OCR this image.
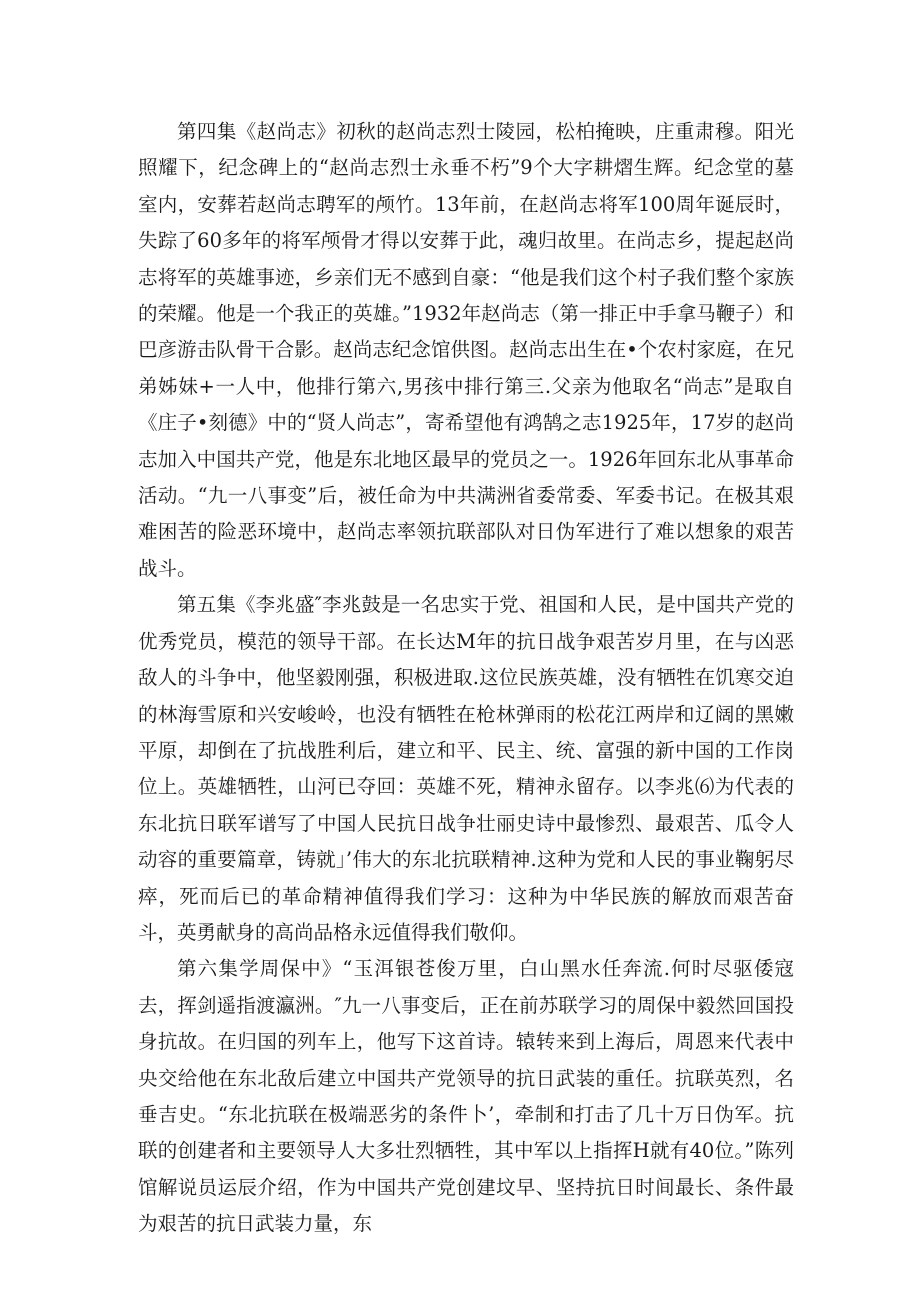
第四集《赵尚志》初秋的赵尚志烈士陵园，松柏掩映，庄重肃穆。阳光照耀下，纪念碑上的“赵尚志烈士永垂不朽”9个大字耕熠生辉。纪念堂的墓室内，安葬若赵尚志聘军的颅竹。13年前，在赵尚志将军100周年诞辰时，失踪了60多年的将军颅骨才得以安葬于此，魂归故里。在尚志乡，提起赵尚志将军的英雄事迹，乡亲们无不感到自豪：“他是我们这个村子我们整个家族的荣耀。他是一个我正的英雄。”1932年赵尚志（第一排正中手拿马鞭子）和巴彦游击队骨干合影。赵尚志纪念馆供图。赵尚志出生在•个农村家庭，在兄弟姊妹+一人中，他排行第六,男孩中排行第三.父亲为他取名“尚志”是取自《庄子•刻德》中的“贤人尚志”，寄希望他有鸿鹄之志1925年，17岁的赵尚志加入中国共产党，他是东北地区最早的党员之一。1926年回东北从事革命活动。“九一八事变”后，被任命为中共满洲省委常委、军委书记。在极其艰难困苦的险恶环境中，赵尚志率领抗联部队对日伪军进行了难以想象的艰苦战斗。

第五集《李兆盛″李兆鼓是一名忠实于党、祖国和人民，是中国共产党的优秀党员，模范的领导干部。在长达M年的抗日战争艰苦岁月里，在与凶恶敌人的斗争中，他坚毅刚强，积极进取.这位民族英雄，没有牺牲在饥寒交迫的林海雪原和兴安峻岭，也没有牺牲在枪林弹雨的松花江两岸和辽阔的黑嫩平原，却倒在了抗战胜利后，建立和平、民主、统、富强的新中国的工作岗位上。英雄牺牲，山河已夺回：英雄不死，精神永留存。以李兆⑹为代表的东北抗日联军谱写了中国人民抗日战争壮丽史诗中最惨烈、最艰苦、瓜令人动容的重要篇章，铸就」’伟大的东北抗联精神.这种为党和人民的事业鞠躬尽瘁，死而后已的革命精神值得我们学习：这种为中华民族的解放而艰苦奋斗，英勇献身的高尚品格永远值得我们敬仰。

第六集学周保中》“玉洱银苍俊万里，白山黑水任奔流.何时尽驱倭寇去，挥剑遥指渡瀛洲。″九一八事变后，正在前苏联学习的周保中毅然回国投身抗故。在归国的列车上，他写下这首诗。辕转来到上海后，周恩来代表中央交给他在东北敌后建立中国共产党领导的抗日武装的重任。抗联英烈，名垂吉史。“东北抗联在极端恶劣的条件卜’，牵制和打击了几十万日伪军。抗联的创建者和主要领导人大多壮烈牺牲，其中军以上指挥H就有40位。”陈列馆解说员运辰介绍，作为中国共产党创建坟早、坚持抗日时间最长、条件最为艰苦的抗日武装力量，东
